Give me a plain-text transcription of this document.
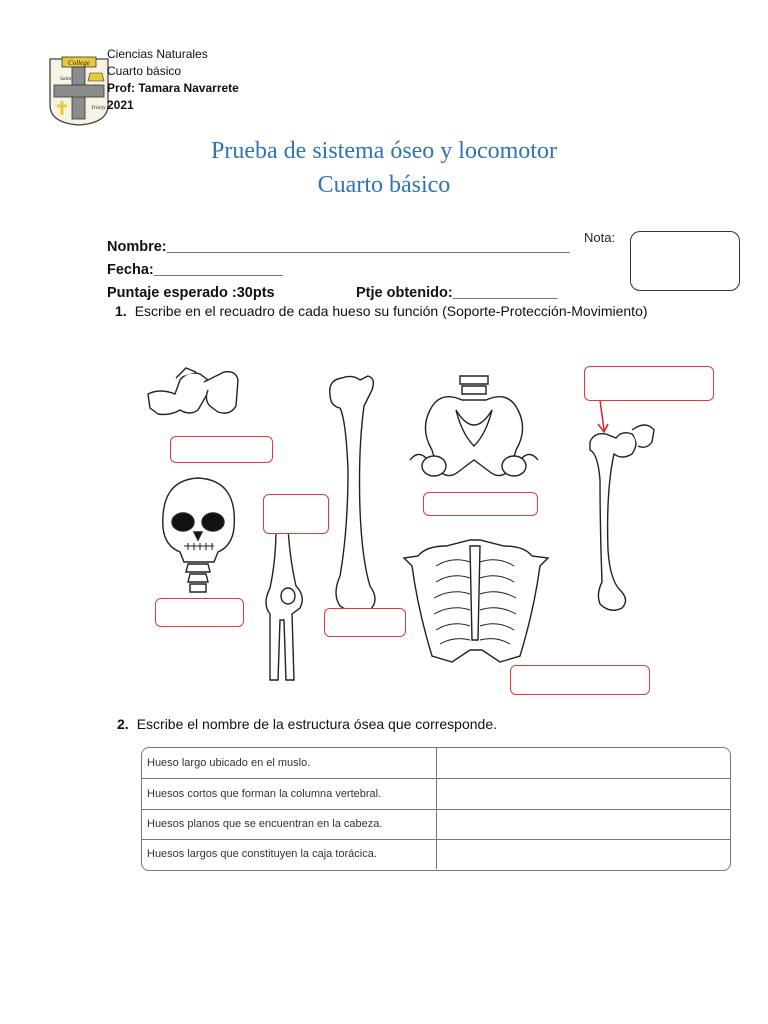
College
Saint
Trinity
Ciencias Naturales
Cuarto básico
Prof: Tamara Navarrete
2021
Prueba de sistema óseo y locomotor
Cuarto básico
Nombre:__________________________________________________
Fecha:________________
Puntaje esperado :30pts	Ptje obtenido:_____________
Nota:
1. Escribe en el recuadro de cada hueso su función (Soporte-Protección-Movimiento)
2. Escribe el nombre de la estructura ósea que corresponde.
Hueso largo ubicado en el muslo.
Huesos cortos que forman la columna vertebral.
Huesos planos que se encuentran en la cabeza.
Huesos largos que constituyen la caja torácica.
